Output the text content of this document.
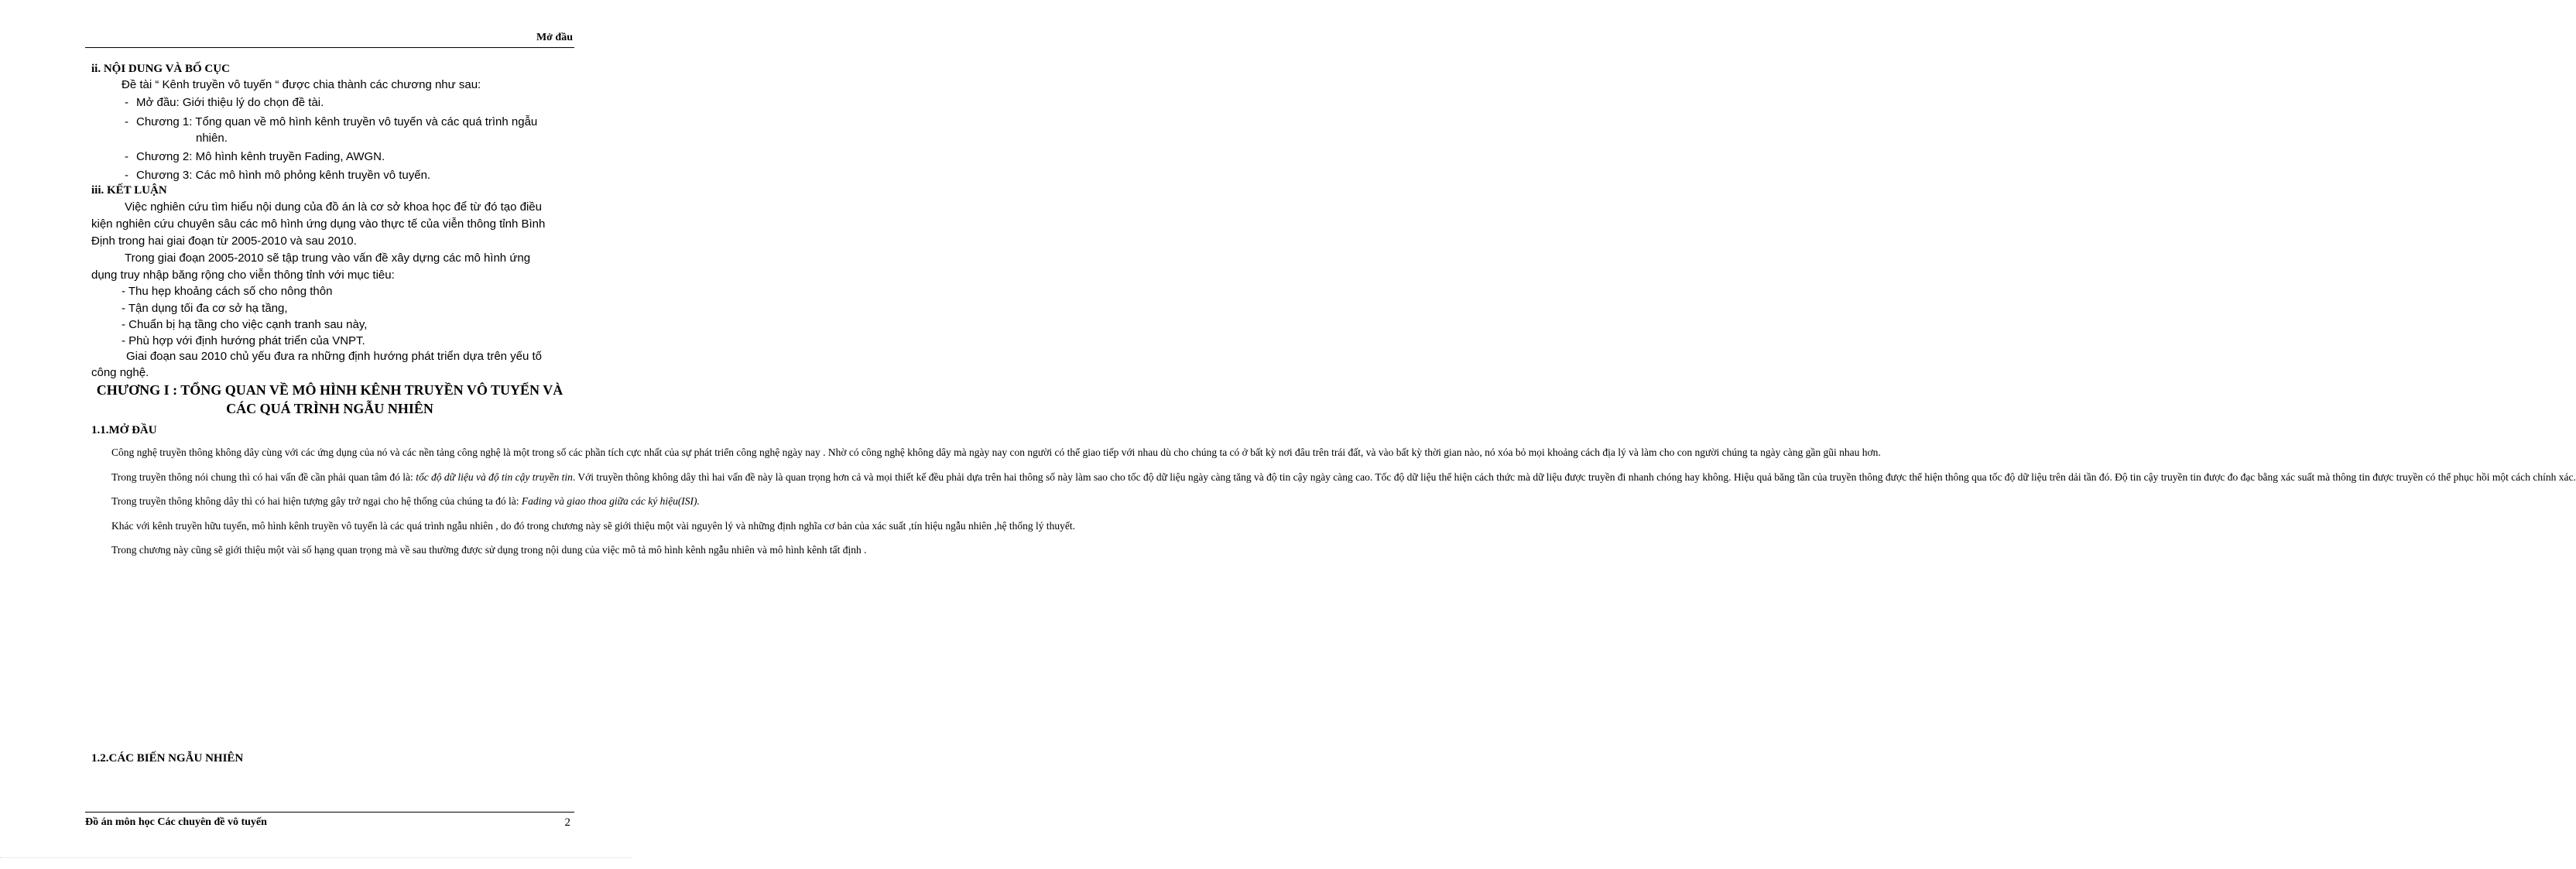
Mở đầu
ii. NỘI DUNG VÀ BỐ CỤC
Đề tài “ Kênh truyền vô tuyến “ được chia thành các chương như sau:
- Mở đầu: Giới thiệu lý do chọn đề tài.
- Chương 1: Tổng quan về mô hình kênh truyền vô tuyến và các quá trình ngẫu
nhiên.
- Chương 2: Mô hình kênh truyền Fading, AWGN.
- Chương 3: Các mô hình mô phỏng kênh truyền vô tuyến.
iii. KẾT LUẬN
Việc nghiên cứu tìm hiểu nội dung của đồ án là cơ sở khoa học để từ đó tạo điều
kiện nghiên cứu chuyên sâu các mô hình ứng dụng vào thực tế của viễn thông tỉnh Bình
Định trong hai giai đoạn từ 2005-2010 và sau 2010.
Trong giai đoạn 2005-2010 sẽ tập trung vào vấn đề xây dựng các mô hình ứng
dụng truy nhập băng rộng cho viễn thông tỉnh với mục tiêu:
- Thu hẹp khoảng cách số cho nông thôn
- Tận dụng tối đa cơ sở hạ tầng,
- Chuẩn bị hạ tầng cho việc cạnh tranh sau này,
- Phù hợp với định hướng phát triển của VNPT.
Giai đoạn sau 2010 chủ yếu đưa ra những định hướng phát triển dựa trên yếu tố
công nghệ.
CHƯƠNG I : TỔNG QUAN VỀ MÔ HÌNH KÊNH TRUYỀN VÔ TUYẾN VÀ
CÁC QUÁ TRÌNH NGẪU NHIÊN
1.1.MỞ ĐẦU

Công nghệ truyền thông không dây cùng với các ứng dụng của nó và các nền tảng công nghệ là một trong số các phần tích cực nhất của sự phát triển công nghệ ngày nay . Nhờ có công nghệ không dây mà ngày nay con người có thể giao tiếp với nhau dù cho chúng ta có ở bất kỳ nơi đâu trên trái đất, và vào bất kỳ thời gian nào, nó xóa bỏ mọi khoảng cách địa lý và làm cho con người chúng ta ngày càng gần gũi nhau hơn.

Trong truyền thông nói chung thì có hai vấn đề cần phải quan tâm đó là: tốc độ dữ liệu và độ tin cậy truyền tin. Với truyền thông không dây thì hai vấn đề này là quan trọng hơn cả và mọi thiết kế đều phải dựa trên hai thông số này làm sao cho tốc độ dữ liệu ngày càng tăng và độ tin cậy ngày càng cao. Tốc độ dữ liệu thể hiện cách thức mà dữ liệu được truyền đi nhanh chóng hay không. Hiệu quả băng tần của truyền thông được thể hiện thông qua tốc độ dữ liệu trên dải tần đó. Độ tin cậy truyền tin được đo đạc bằng xác suất mà thông tin được truyền có thể phục hồi một cách chính xác.

Trong truyền thông không dây thì có hai hiện tượng gây trở ngại cho hệ thống của chúng ta đó là: Fading và giao thoa giữa các ký hiệu(ISI).

Khác với kênh truyền hữu tuyến, mô hình kênh truyền vô tuyến là các quá trình ngẫu nhiên , do đó trong chương này sẽ giới thiệu một vài nguyên lý và những định nghĩa cơ bản của xác suất ,tín hiệu ngẫu nhiên ,hệ thống lý thuyết.

Trong chương này cũng sẽ giới thiệu một vài số hạng quan trọng mà về sau thường được sử dụng trong nội dung của việc mô tả mô hình kênh ngẫu nhiên và mô hình kênh tất định .

1.2.CÁC BIẾN NGẪU NHIÊN
Đồ án môn học Các chuyên đề vô tuyến	2
